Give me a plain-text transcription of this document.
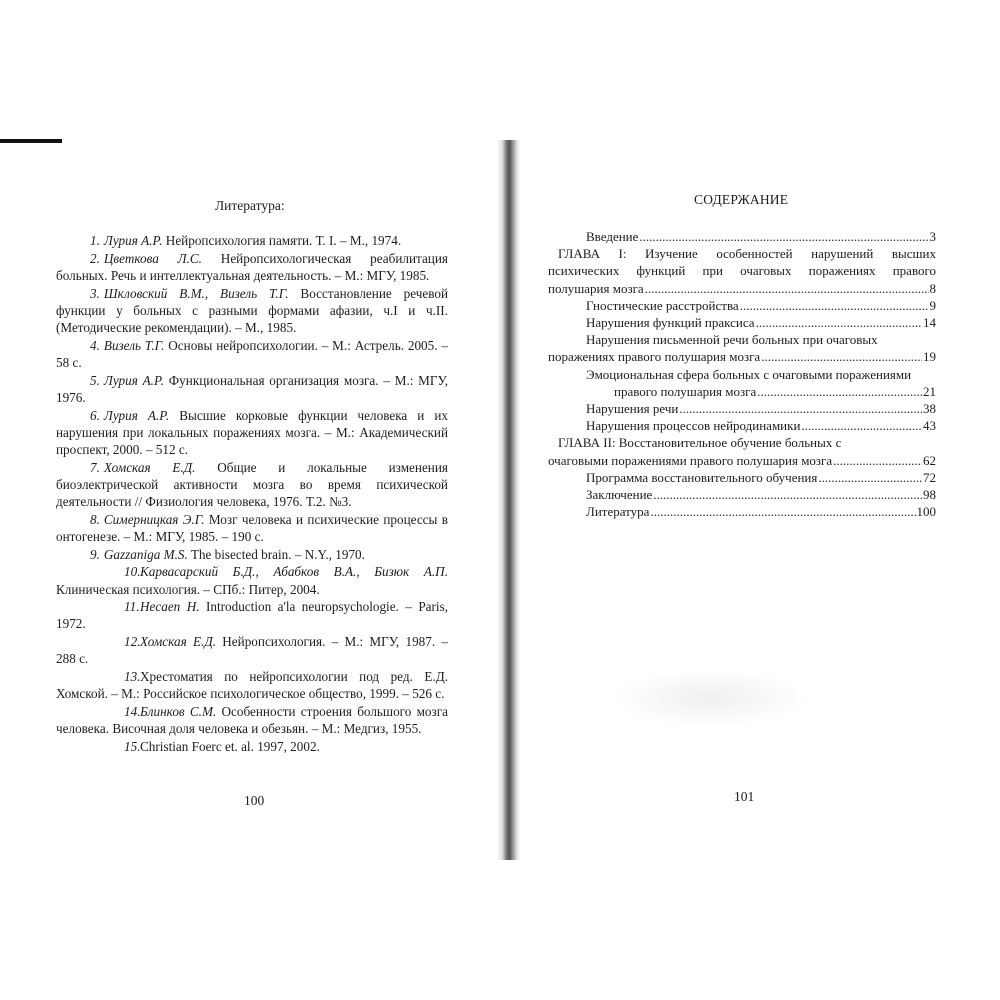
Литература:

1. Лурия А.Р. Нейропсихология памяти. Т. I. – М., 1974.

2. Цветкова Л.С. Нейропсихологическая реабилитация больных. Речь и интеллектуальная деятельность. – М.: МГУ, 1985.

3. Шкловский В.М., Визель Т.Г. Восстановление речевой функции у больных с разными формами афазии, ч.I и ч.II. (Методические рекомендации). – М., 1985.

4. Визель Т.Г. Основы нейропсихологии. – М.: Астрель. 2005. – 58 с.

5. Лурия А.Р. Функциональная организация мозга. – М.: МГУ, 1976.

6. Лурия А.Р. Высшие корковые функции человека и их нарушения при локальных поражениях мозга. – М.: Академический проспект, 2000. – 512 с.

7. Хомская Е.Д. Общие и локальные изменения биоэлектрической активности мозга во время психической деятельности // Физиология человека, 1976. Т.2. №3.

8. Симерницкая Э.Г. Мозг человека и психические процессы в онтогенезе. – М.: МГУ, 1985. – 190 с.

9. Gazzaniga M.S. The bisected brain. – N.Y., 1970.

10.Карвасарский Б.Д., Абабков В.А., Бизюк А.П. Клиническая психология. – СПб.: Питер, 2004.

11.Hecaen H. Introduction a'la neuropsychologie. – Paris, 1972.

12.Хомская Е.Д. Нейропсихология. – М.: МГУ, 1987. – 288 с.

13.Хрестоматия по нейропсихологии под ред. Е.Д. Хомской. – М.: Российское психологическое общество, 1999. – 526 с.

14.Блинков С.М. Особенности строения большого мозга человека. Височная доля человека и обезьян. – М.: Медгиз, 1955.

15.Christian Foerc et. al. 1997, 2002.

100
СОДЕРЖАНИЕ
Введение .....	3
ГЛАВА I: Изучение особенностей нарушений высших
психических функций при очаговых поражениях правого
полушария мозга .....	8
Гностические расстройства .....	9
Нарушения функций праксиса .....	14
Нарушения письменной речи больных при очаговых
поражениях правого полушария мозга .....	19
Эмоциональная сфера больных с очаговыми поражениями
правого полушария мозга .....	21
Нарушения речи .....	38
Нарушения процессов нейродинамики .....	43
ГЛАВА II: Восстановительное обучение больных с
очаговыми поражениями правого полушария мозга .....	62
Программа восстановительного обучения .....	72
Заключение .....	98
Литература .....	100
101
